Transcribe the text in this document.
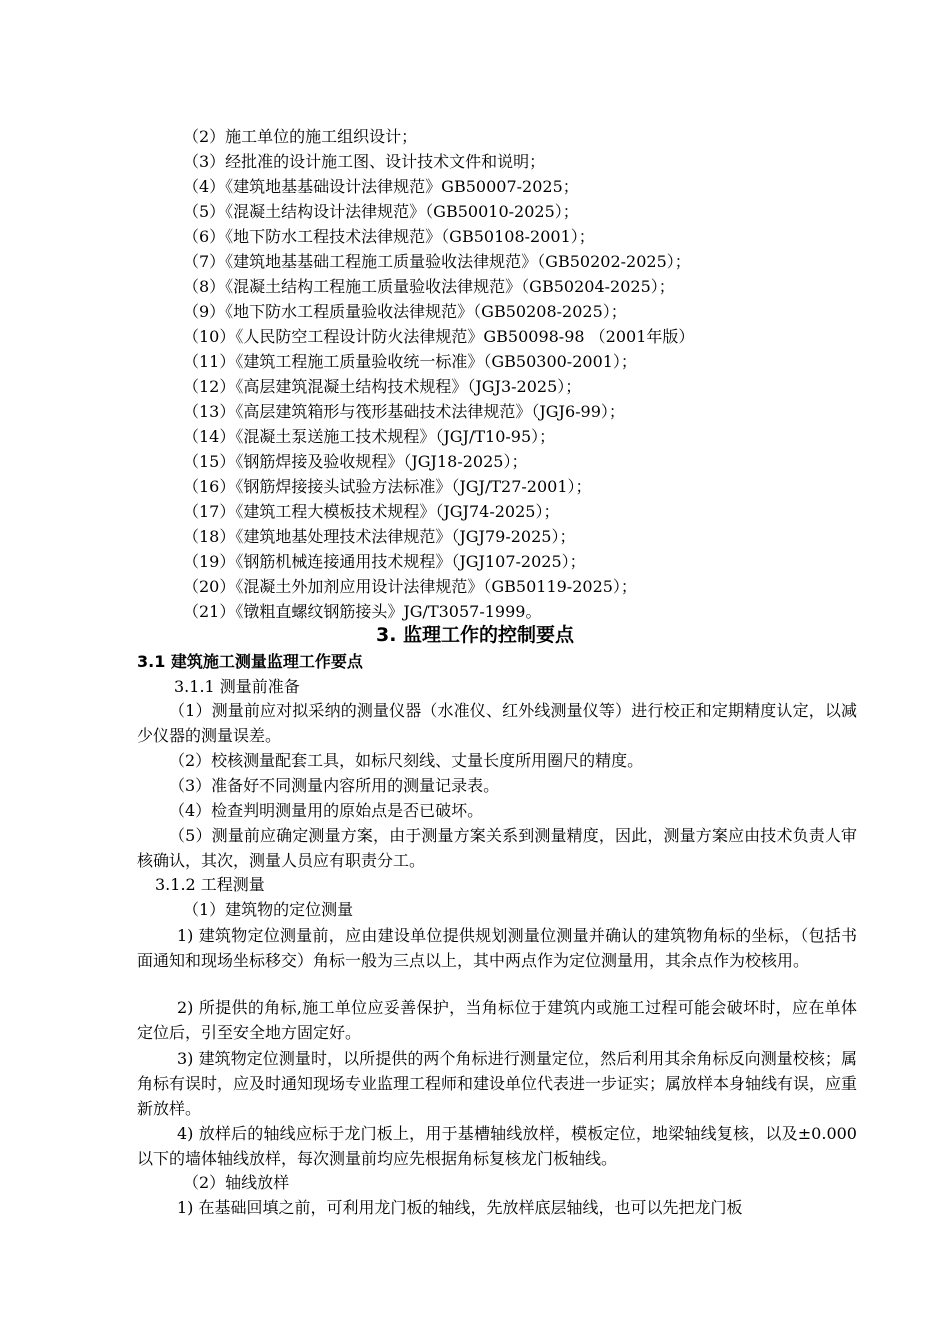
（2）施工单位的施工组织设计；
（3）经批准的设计施工图、设计技术文件和说明；
（4）《建筑地基基础设计法律规范》GB50007-2025；
（5）《混凝土结构设计法律规范》（GB50010-2025）；
（6）《地下防水工程技术法律规范》（GB50108-2001）；
（7）《建筑地基基础工程施工质量验收法律规范》（GB50202-2025）；
（8）《混凝土结构工程施工质量验收法律规范》（GB50204-2025）；
（9）《地下防水工程质量验收法律规范》（GB50208-2025）；
（10）《人民防空工程设计防火法律规范》GB50098-98 （2001年版）
（11）《建筑工程施工质量验收统一标准》（GB50300-2001）；
（12）《高层建筑混凝土结构技术规程》（JGJ3-2025）；
（13）《高层建筑箱形与筏形基础技术法律规范》（JGJ6-99）；
（14）《混凝土泵送施工技术规程》（JGJ/T10-95）；
（15）《钢筋焊接及验收规程》（JGJ18-2025）；
（16）《钢筋焊接接头试验方法标准》（JGJ/T27-2001）；
（17）《建筑工程大模板技术规程》（JGJ74-2025）；
（18）《建筑地基处理技术法律规范》（JGJ79-2025）；
（19）《钢筋机械连接通用技术规程》（JGJ107-2025）；
（20）《混凝土外加剂应用设计法律规范》（GB50119-2025）；
（21）《镦粗直螺纹钢筋接头》JG/T3057-1999。
3. 监理工作的控制要点
3.1 建筑施工测量监理工作要点
3.1.1 测量前准备

（1）测量前应对拟采纳的测量仪器（水准仪、红外线测量仪等）进行校正和定期精度认定，以减少仪器的测量误差。

（2）校核测量配套工具，如标尺刻线、丈量长度所用圈尺的精度。

（3）准备好不同测量内容所用的测量记录表。

（4）检查判明测量用的原始点是否已破坏。

（5）测量前应确定测量方案，由于测量方案关系到测量精度，因此，测量方案应由技术负责人审核确认，其次，测量人员应有职责分工。

3.1.2 工程测量
（1）建筑物的定位测量

1) 建筑物定位测量前，应由建设单位提供规划测量位测量并确认的建筑物角标的坐标，（包括书面通知和现场坐标移交）角标一般为三点以上，其中两点作为定位测量用，其余点作为校核用。

2) 所提供的角标,施工单位应妥善保护，当角标位于建筑内或施工过程可能会破坏时，应在单体定位后，引至安全地方固定好。

3) 建筑物定位测量时，以所提供的两个角标进行测量定位，然后利用其余角标反向测量校核；属角标有误时，应及时通知现场专业监理工程师和建设单位代表进一步证实；属放样本身轴线有误，应重新放样。

4) 放样后的轴线应标于龙门板上，用于基槽轴线放样，模板定位，地梁轴线复核，以及±0.000 以下的墙体轴线放样，每次测量前均应先根据角标复核龙门板轴线。

（2）轴线放样

1) 在基础回填之前，可利用龙门板的轴线，先放样底层轴线，也可以先把龙门板
